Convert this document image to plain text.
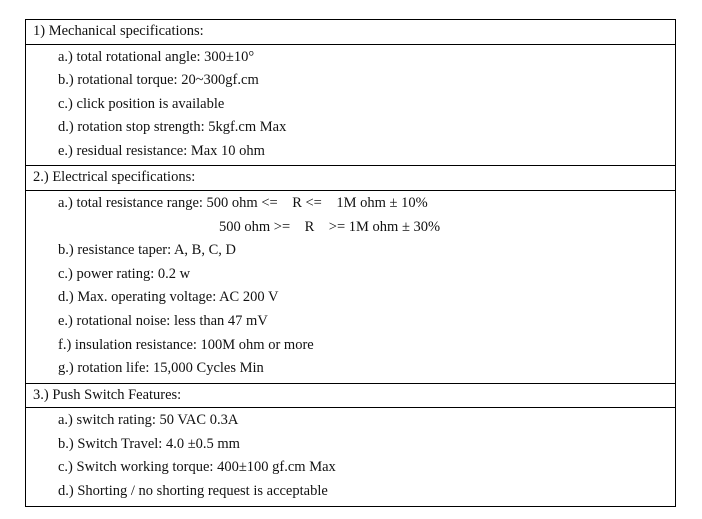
1) Mechanical specifications:
a.) total rotational angle: 300±10°
b.) rotational torque: 20~300gf.cm
c.) click position is available
d.) rotation stop strength: 5kgf.cm Max
e.) residual resistance: Max 10 ohm
2.) Electrical specifications:
a.) total resistance range: 500 ohm <=    R <=    1M ohm ± 10%
500 ohm >=    R    >= 1M ohm ± 30%
b.) resistance taper: A, B, C, D
c.) power rating: 0.2 w
d.) Max. operating voltage: AC 200 V
e.) rotational noise: less than 47 mV
f.) insulation resistance: 100M ohm or more
g.) rotation life: 15,000 Cycles Min
3.) Push Switch Features:
a.) switch rating: 50 VAC 0.3A
b.) Switch Travel: 4.0 ±0.5 mm
c.) Switch working torque: 400±100 gf.cm Max
d.) Shorting / no shorting request is acceptable
